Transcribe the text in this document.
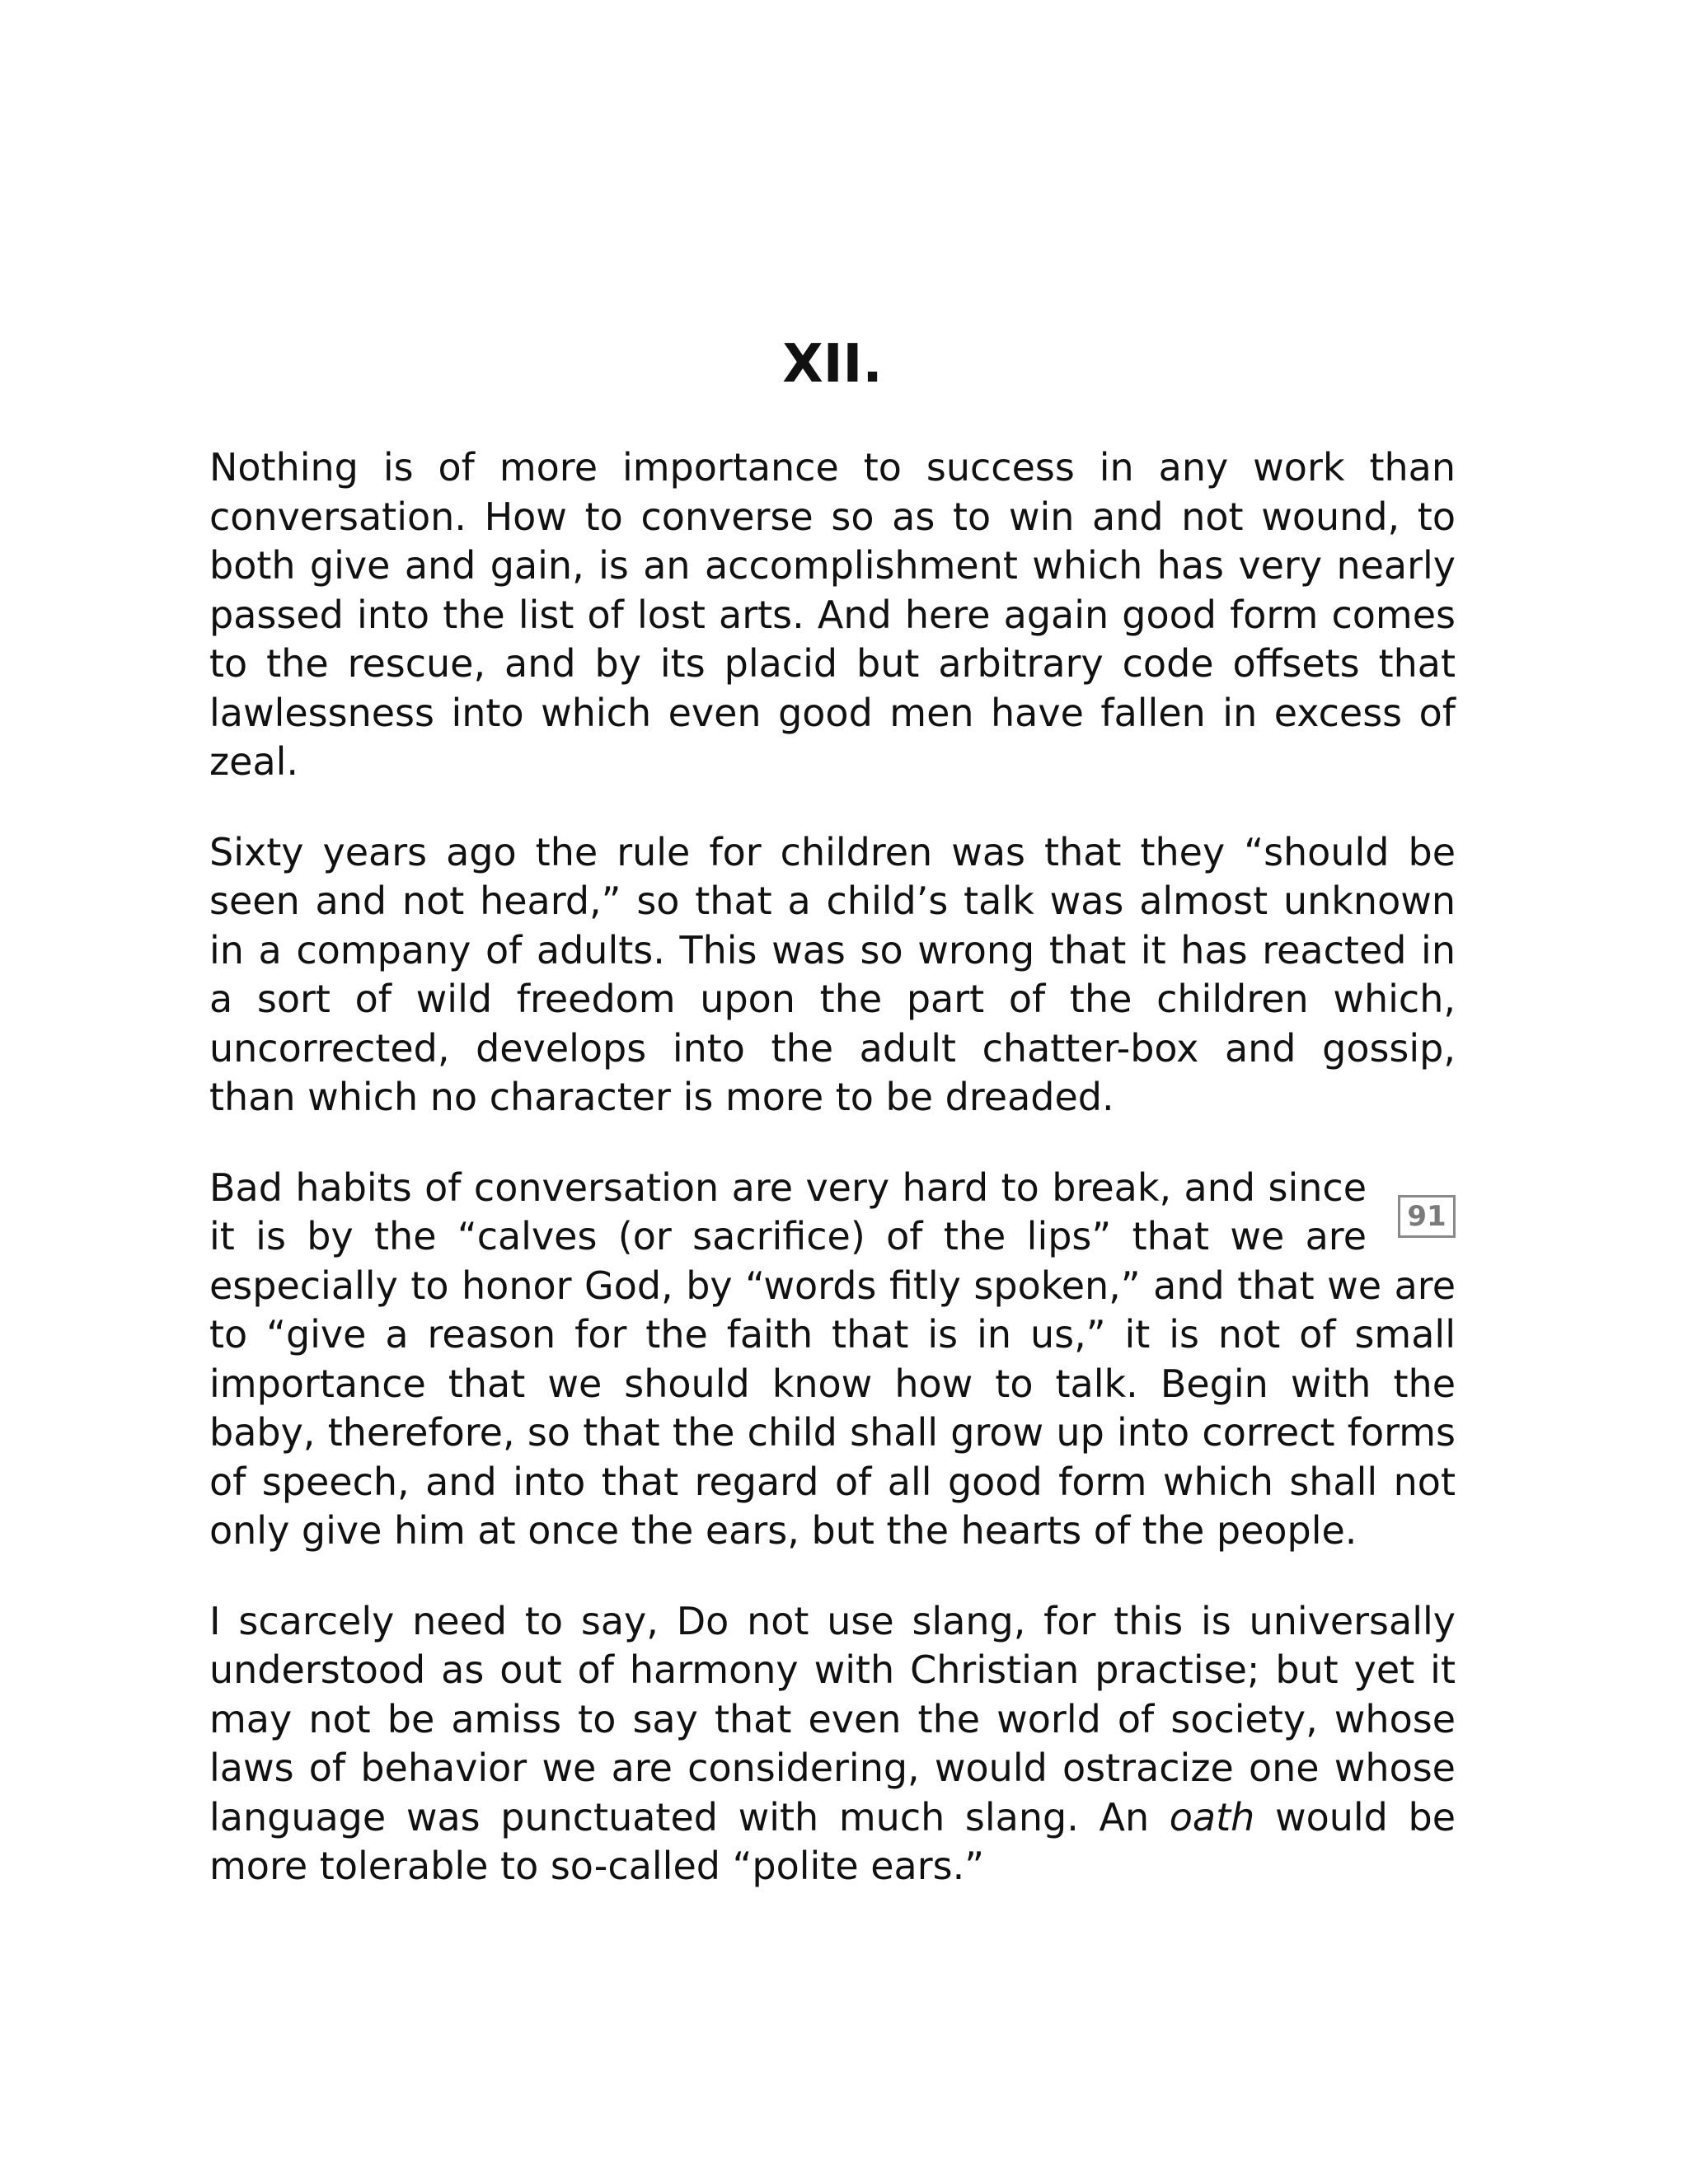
XII.

Nothing is of more importance to success in any work than conversation. How to converse so as to win and not wound, to both give and gain, is an accomplishment which has very nearly passed into the list of lost arts. And here again good form comes to the rescue, and by its placid but arbitrary code offsets that lawlessness into which even good men have fallen in excess of zeal.

Sixty years ago the rule for children was that they “should be seen and not heard,” so that a child’s talk was almost unknown in a company of adults. This was so wrong that it has reacted in a sort of wild freedom upon the part of the children which, uncorrected, develops into the adult chatter-box and gossip, than which no character is more to be dreaded.

91
Bad habits of conversation are very hard to break, and since it is by the “calves (or sacrifice) of the lips” that we are especially to honor God, by “words fitly spoken,” and that we are to “give a reason for the faith that is in us,” it is not of small importance that we should know how to talk. Begin with the baby, therefore, so that the child shall grow up into correct forms of speech, and into that regard of all good form which shall not only give him at once the ears, but the hearts of the people.

I scarcely need to say, Do not use slang, for this is universally understood as out of harmony with Christian practise; but yet it may not be amiss to say that even the world of society, whose laws of behavior we are considering, would ostracize one whose language was punctuated with much slang. An oath would be more tolerable to so-called “polite ears.”
